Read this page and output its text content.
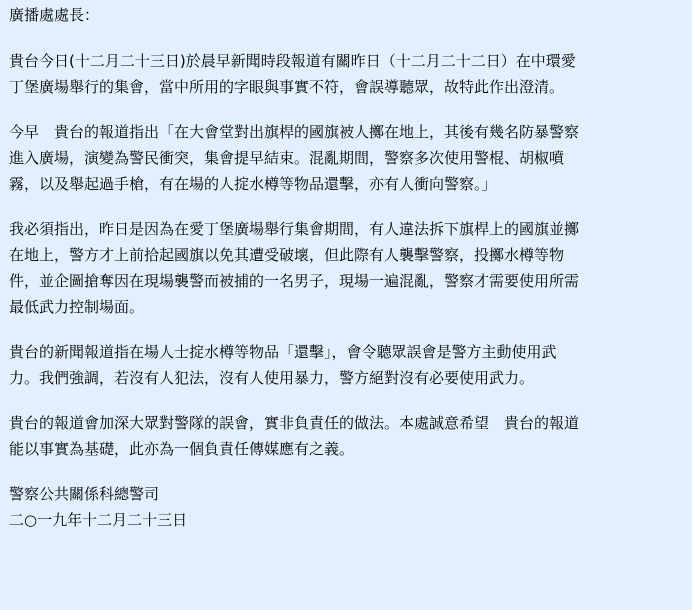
廣播處處長：

貴台今日(十二月二十三日)於晨早新聞時段報道有關昨日（十二月二十二日）在中環愛

丁堡廣場舉行的集會，當中所用的字眼與事實不符，會誤導聽眾，故特此作出澄清。

今早　貴台的報道指出「在大會堂對出旗桿的國旗被人擲在地上，其後有幾名防暴警察

進入廣場，演變為警民衝突，集會提早結束。混亂期間，警察多次使用警棍、胡椒噴

霧，以及舉起過手槍，有在場的人掟水樽等物品還擊，亦有人衝向警察。」

我必須指出，昨日是因為在愛丁堡廣場舉行集會期間，有人違法拆下旗桿上的國旗並擲

在地上，警方才上前拾起國旗以免其遭受破壞，但此際有人襲擊警察，投擲水樽等物

件，並企圖搶奪因在現場襲警而被捕的一名男子，現場一遍混亂，警察才需要使用所需

最低武力控制場面。

貴台的新聞報道指在場人士掟水樽等物品「還擊」，會令聽眾誤會是警方主動使用武

力。我們強調，若沒有人犯法，沒有人使用暴力，警方絕對沒有必要使用武力。

貴台的報道會加深大眾對警隊的誤會，實非負責任的做法。本處誠意希望　貴台的報道

能以事實為基礎，此亦為一個負責任傳媒應有之義。

警察公共關係科總警司

二○一九年十二月二十三日
